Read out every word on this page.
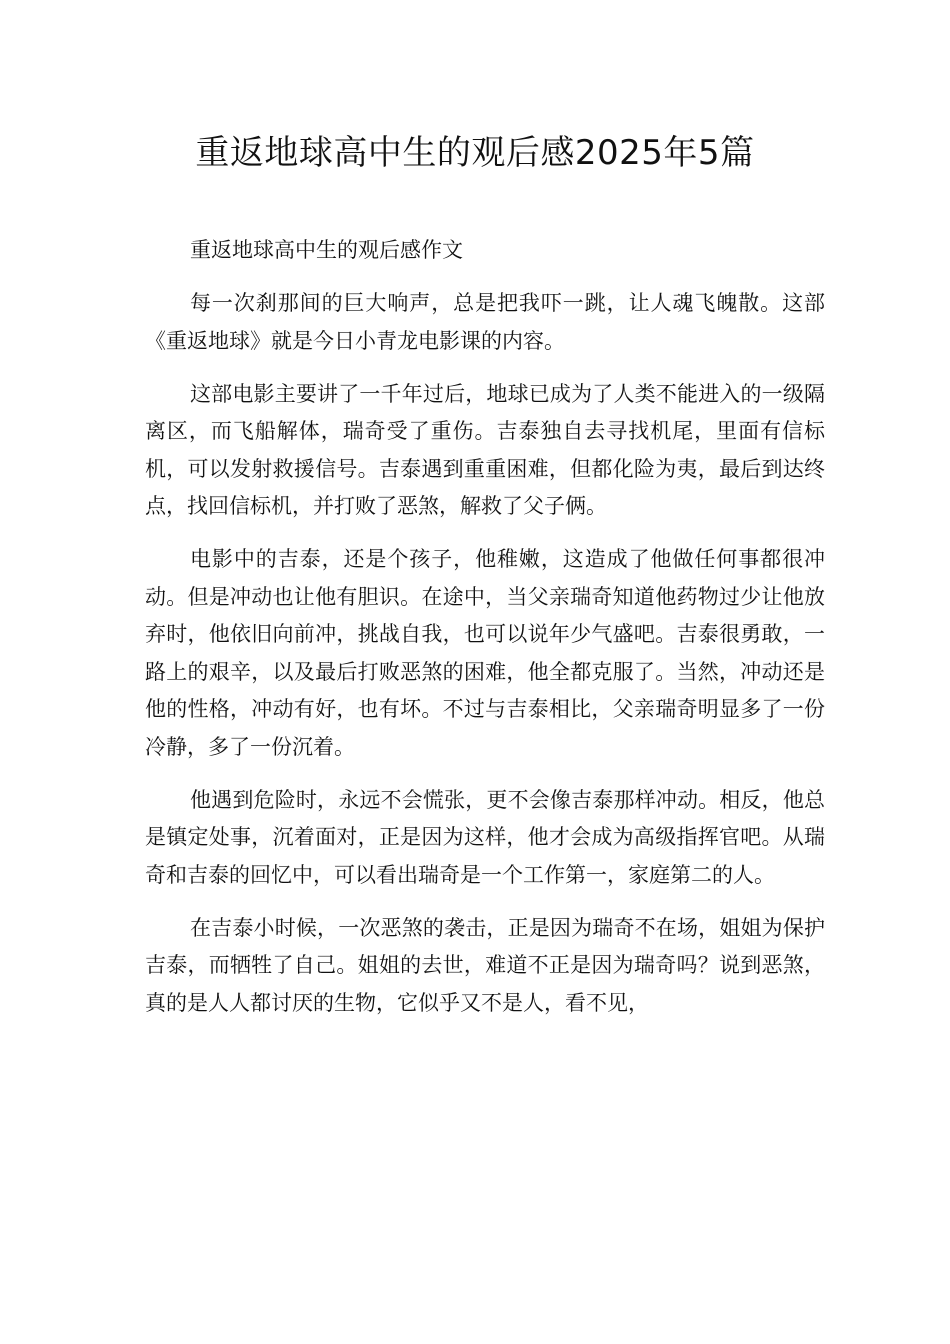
重返地球高中生的观后感2025年5篇

重返地球高中生的观后感作文

每一次刹那间的巨大响声，总是把我吓一跳，让人魂飞魄散。这部《重返地球》就是今日小青龙电影课的内容。

这部电影主要讲了一千年过后，地球已成为了人类不能进入的一级隔离区，而飞船解体，瑞奇受了重伤。吉泰独自去寻找机尾，里面有信标机，可以发射救援信号。吉泰遇到重重困难，但都化险为夷，最后到达终点，找回信标机，并打败了恶煞，解救了父子俩。

电影中的吉泰，还是个孩子，他稚嫩，这造成了他做任何事都很冲动。但是冲动也让他有胆识。在途中，当父亲瑞奇知道他药物过少让他放弃时，他依旧向前冲，挑战自我，也可以说年少气盛吧。吉泰很勇敢，一路上的艰辛，以及最后打败恶煞的困难，他全都克服了。当然，冲动还是他的性格，冲动有好，也有坏。不过与吉泰相比，父亲瑞奇明显多了一份冷静，多了一份沉着。

他遇到危险时，永远不会慌张，更不会像吉泰那样冲动。相反，他总是镇定处事，沉着面对，正是因为这样，他才会成为高级指挥官吧。从瑞奇和吉泰的回忆中，可以看出瑞奇是一个工作第一，家庭第二的人。

在吉泰小时候，一次恶煞的袭击，正是因为瑞奇不在场，姐姐为保护吉泰，而牺牲了自己。姐姐的去世，难道不正是因为瑞奇吗？说到恶煞，真的是人人都讨厌的生物，它似乎又不是人，看不见，
